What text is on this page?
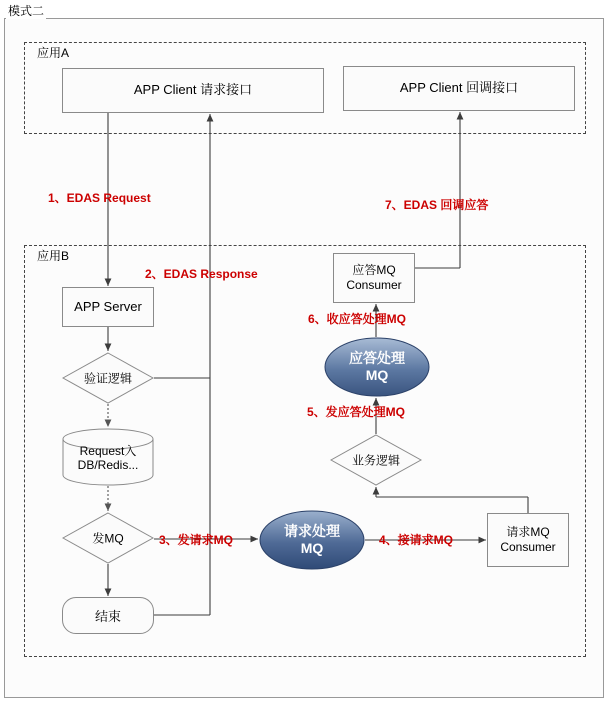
模式二
应用A
应用B
APP Client 请求接口	APP Client 回调接口
APP Server
验证逻辑
Request入
DB/Redis...
发MQ
结束
请求处理
MQ
请求MQ
Consumer
业务逻辑
应答处理
MQ
应答MQ
Consumer
1、EDAS Request
2、EDAS Response
3、发请求MQ	4、接请求MQ
5、发应答处理MQ
6、收应答处理MQ
7、EDAS 回调应答
